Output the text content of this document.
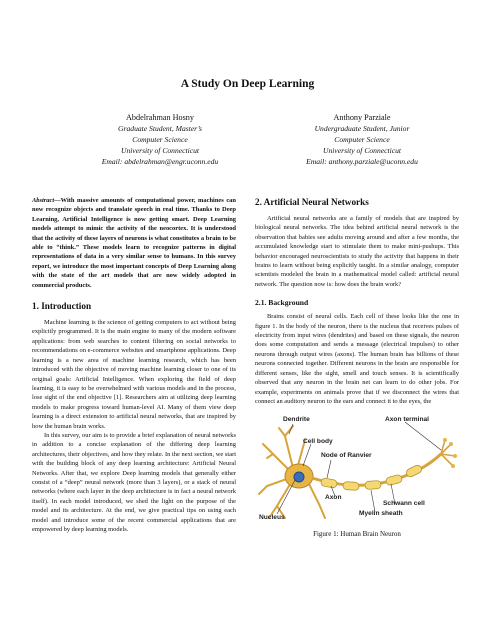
A Study On Deep Learning
Abdelrahman Hosny
Graduate Student, Master’s
Computer Science
University of Connecticut
Email: abdelrahman@engr.uconn.edu
Anthony Parziale
Undergraduate Student, Junior
Computer Science
University of Connecticut
Email: anthony.parziale@uconn.edu

Abstract—With massive amounts of computational power, machines can now recognize objects and translate speech in real time. Thanks to Deep Learning, Artificial Intelligence is now getting smart. Deep Learning models attempt to mimic the activity of the neocortex. It is understood that the activity of these layers of neurons is what constitutes a brain to be able to “think.” These models learn to recognize patterns in digital representations of data in a very similar sense to humans. In this survey report, we introduce the most important concepts of Deep Learning along with the state of the art models that are now widely adopted in commercial products.

1. Introduction

Machine learning is the science of getting computers to act without being explicitly programmed. It is the main engine to many of the modern software applications: from web searches to content filtering on social networks to recommendations on e-commerce websites and smartphone applications. Deep learning is a new area of machine learning research, which has been introduced with the objective of moving machine learning closer to one of its original goals: Artificial Intelligence. When exploring the field of deep learning, it is easy to be overwhelmed with various models and in the process, lose sight of the end objective [1]. Researchers aim at utilizing deep learning models to make progress toward human-level AI. Many of them view deep learning is a direct extension to artificial neural networks, that are inspired by how the human brain works.

In this survey, our aim is to provide a brief explanation of neural networks in addition to a concise explanation of the differing deep learning architectures, their objectives, and how they relate. In the next section, we start with the building block of any deep learning architecture: Artificial Neural Networks. After that, we explore Deep learning models that generally either consist of a “deep” neural network (more than 3 layers), or a stack of neural networks (where each layer in the deep architecture is in fact a neural network itself). In each model introduced, we shed the light on the purpose of the model and its architecture. At the end, we give practical tips on using each model and introduce some of the recent commercial applications that are empowered by deep learning models.

2. Artificial Neural Networks

Artificial neural networks are a family of models that are inspired by biological neural networks. The idea behind artificial neural network is the observation that babies see adults moving around and after a few months, the accumulated knowledge start to stimulate them to make mini-pushups. This behavior encouraged neuroscientists to study the activity that happens in their brains to learn without being explicitly taught. In a similar analogy, computer scientists modeled the brain in a mathematical model called: artificial neural network. The question now is: how does the brain work?

2.1. Background

Brains consist of neural cells. Each cell of these looks like the one in figure 1. In the body of the neuron, there is the nucleus that receives pulses of electricity from input wires (dendrites) and based on these signals, the neuron does some computation and sends a message (electrical impulses) to other neurons through output wires (axons). The human brain has billions of these neurons connected together. Different neurons in the brain are responsible for different senses, like the sight, smell and touch senses. It is scientifically observed that any neuron in the brain net can learn to do other jobs. For example, experiments on animals prove that if we disconnect the wires that connect an auditory neuron to the ears and connect it to the eyes, the

Dendrite	Axon terminal
Cell body
Node of Ranvier
Axon
Schwann cell
Myelin sheath
Nucleus
Figure 1: Human Brain Neuron
